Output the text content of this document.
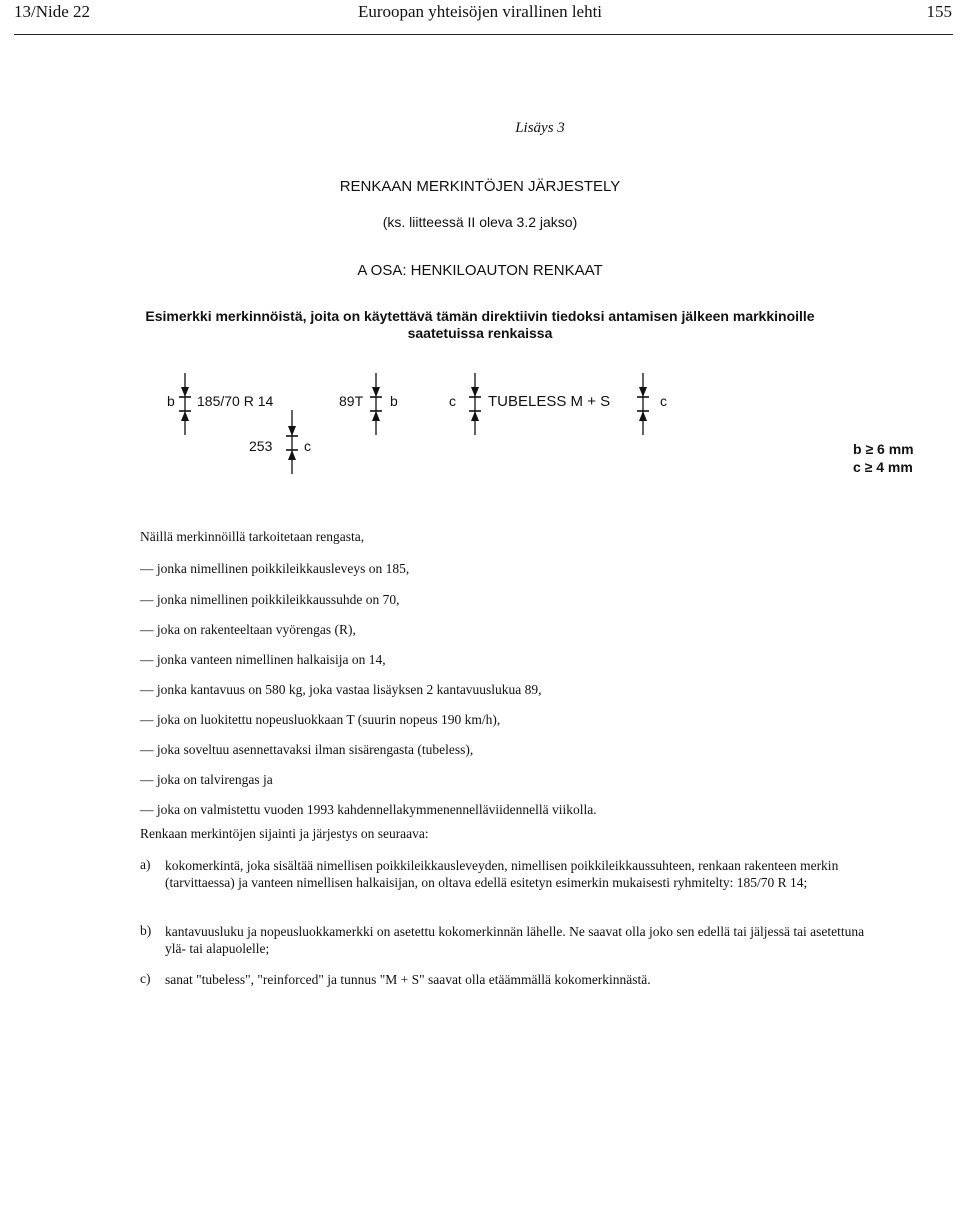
13/Nide 22	Euroopan yhteisöjen virallinen lehti	155
Lisäys 3
RENKAAN MERKINTÖJEN JÄRJESTELY
(ks. liitteessä II oleva 3.2 jakso)
A OSA: HENKILOAUTON RENKAAT
Esimerkki merkinnöistä, joita on käytettävä tämän direktiivin tiedoksi antamisen jälkeen markkinoille
saatetuissa renkaissa
b 185/70 R 14
253 c
89T b	c TUBELESS M + S	c
b ≥ 6 mm
c ≥ 4 mm
Näillä merkinnöillä tarkoitetaan rengasta,
— jonka nimellinen poikkileikkausleveys on 185,
— jonka nimellinen poikkileikkaussuhde on 70,
— joka on rakenteeltaan vyörengas (R),
— jonka vanteen nimellinen halkaisija on 14,
— jonka kantavuus on 580 kg, joka vastaa lisäyksen 2 kantavuuslukua 89,
— joka on luokitettu nopeusluokkaan T (suurin nopeus 190 km/h),
— joka soveltuu asennettavaksi ilman sisärengasta (tubeless),
— joka on talvirengas ja
— joka on valmistettu vuoden 1993 kahdennellakymmenennelläviidennellä viikolla.
Renkaan merkintöjen sijainti ja järjestys on seuraava:
a) kokomerkintä, joka sisältää nimellisen poikkileikkausleveyden, nimellisen poikkileikkaussuhteen, renkaan rakenteen merkin (tarvittaessa) ja vanteen nimellisen halkaisijan, on oltava edellä esitetyn esimerkin mukaisesti ryhmitelty: 185/70 R 14;
b) kantavuusluku ja nopeusluokkamerkki on asetettu kokomerkinnän lähelle. Ne saavat olla joko sen edellä tai jäljessä tai asetettuna ylä- tai alapuolelle;
c) sanat "tubeless", "reinforced" ja tunnus "M + S" saavat olla etäämmällä kokomerkinnästä.
